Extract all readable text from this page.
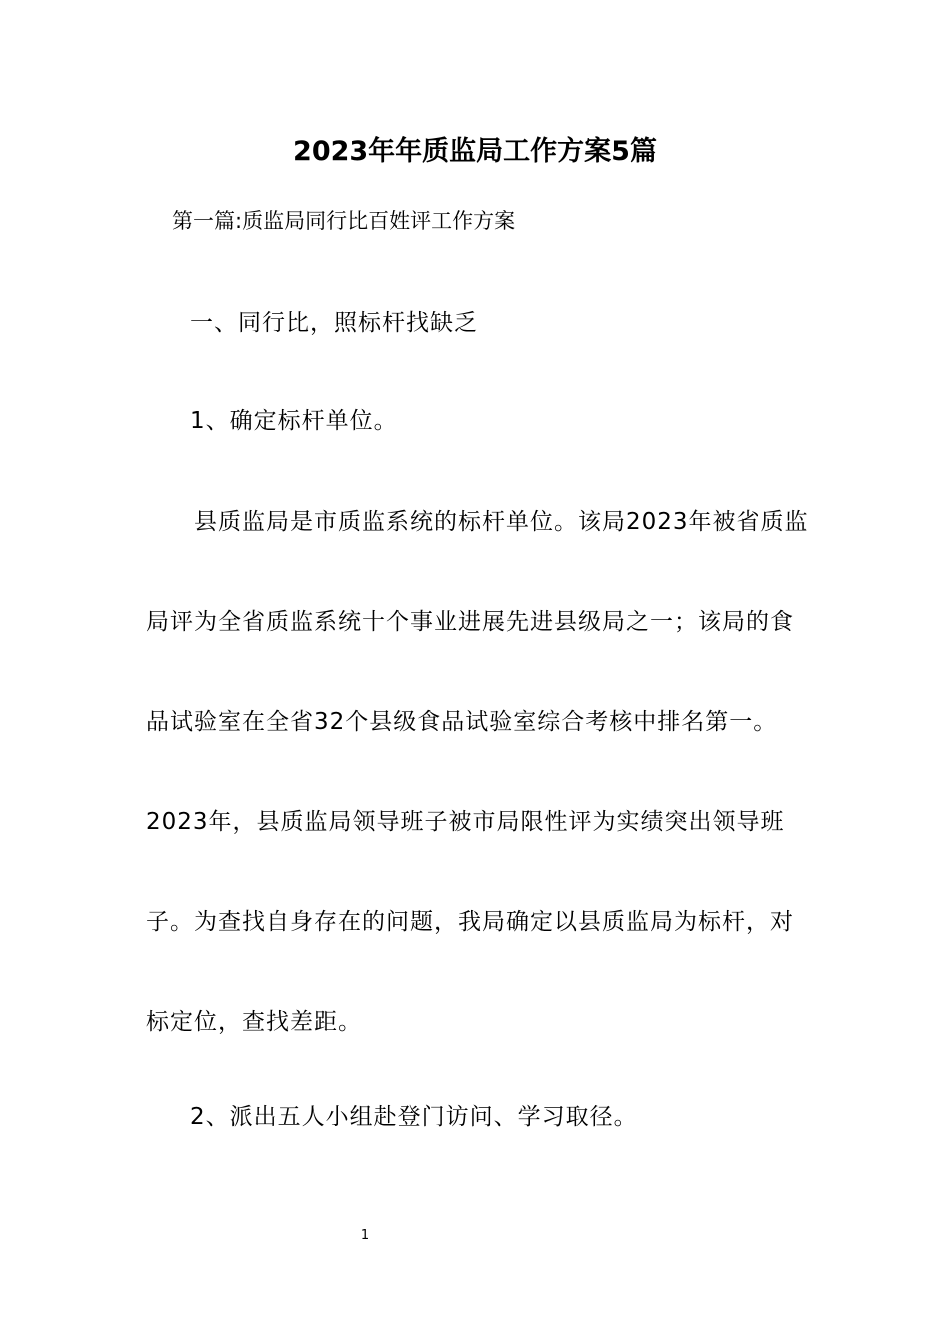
2023年年质监局工作方案5篇
第一篇:质监局同行比百姓评工作方案
一、同行比，照标杆找缺乏
1、确定标杆单位。
县质监局是市质监系统的标杆单位。该局2023年被省质监
局评为全省质监系统十个事业进展先进县级局之一；该局的食
品试验室在全省32个县级食品试验室综合考核中排名第一。
2023年，县质监局领导班子被市局限性评为实绩突出领导班
子。为查找自身存在的问题，我局确定以县质监局为标杆，对
标定位，查找差距。
2、派出五人小组赴登门访问、学习取径。
1
